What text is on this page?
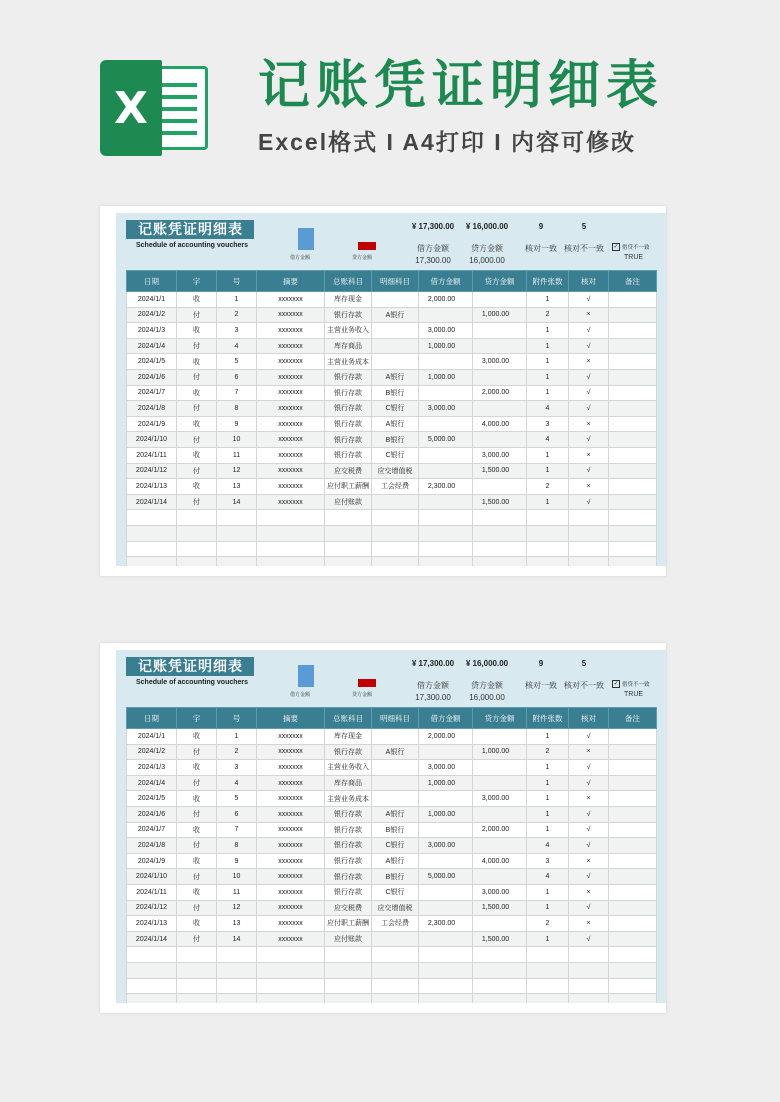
X 记账凭证明细表
Excel格式 I A4打印 I 内容可修改
记账凭证明细表
Schedule of accounting vouchers
借方金额	贷方金额
¥ 17,300.00
借方金额
17,300.00
¥ 16,000.00
贷方金额
16,000.00
9
核对一致
5
核对不一致	✓ 借贷不一致
TRUE
日期	字	号	摘要	总账科目	明细科目	借方金额	贷方金额	附件张数	核对	备注
2024/1/1	收	1	xxxxxxx	库存现金		2,000.00		1	√	
2024/1/2	付	2	xxxxxxx	银行存款	A银行		1,000.00	2	×	
2024/1/3	收	3	xxxxxxx	主营业务收入		3,000.00		1	√	
2024/1/4	付	4	xxxxxxx	库存商品		1,000.00		1	√	
2024/1/5	收	5	xxxxxxx	主营业务成本			3,000.00	1	×	
2024/1/6	付	6	xxxxxxx	银行存款	A银行	1,000.00		1	√	
2024/1/7	收	7	xxxxxxx	银行存款	B银行		2,000.00	1	√	
2024/1/8	付	8	xxxxxxx	银行存款	C银行	3,000.00		4	√	
2024/1/9	收	9	xxxxxxx	银行存款	A银行		4,000.00	3	×	
2024/1/10	付	10	xxxxxxx	银行存款	B银行	5,000.00		4	√	
2024/1/11	收	11	xxxxxxx	银行存款	C银行		3,000.00	1	×	
2024/1/12	付	12	xxxxxxx	应交税费	应交增值税		1,500.00	1	√	
2024/1/13	收	13	xxxxxxx	应付职工薪酬	工会经费	2,300.00		2	×	
2024/1/14	付	14	xxxxxxx	应付账款			1,500.00	1	√	

记账凭证明细表
Schedule of accounting vouchers
借方金额	贷方金额
¥ 17,300.00
借方金额
17,300.00
¥ 16,000.00
贷方金额
16,000.00
9
核对一致
5
核对不一致	✓ 借贷不一致
TRUE
日期	字	号	摘要	总账科目	明细科目	借方金额	贷方金额	附件张数	核对	备注
2024/1/1	收	1	xxxxxxx	库存现金		2,000.00		1	√	
2024/1/2	付	2	xxxxxxx	银行存款	A银行		1,000.00	2	×	
2024/1/3	收	3	xxxxxxx	主营业务收入		3,000.00		1	√	
2024/1/4	付	4	xxxxxxx	库存商品		1,000.00		1	√	
2024/1/5	收	5	xxxxxxx	主营业务成本			3,000.00	1	×	
2024/1/6	付	6	xxxxxxx	银行存款	A银行	1,000.00		1	√	
2024/1/7	收	7	xxxxxxx	银行存款	B银行		2,000.00	1	√	
2024/1/8	付	8	xxxxxxx	银行存款	C银行	3,000.00		4	√	
2024/1/9	收	9	xxxxxxx	银行存款	A银行		4,000.00	3	×	
2024/1/10	付	10	xxxxxxx	银行存款	B银行	5,000.00		4	√	
2024/1/11	收	11	xxxxxxx	银行存款	C银行		3,000.00	1	×	
2024/1/12	付	12	xxxxxxx	应交税费	应交增值税		1,500.00	1	√	
2024/1/13	收	13	xxxxxxx	应付职工薪酬	工会经费	2,300.00		2	×	
2024/1/14	付	14	xxxxxxx	应付账款			1,500.00	1	√	
